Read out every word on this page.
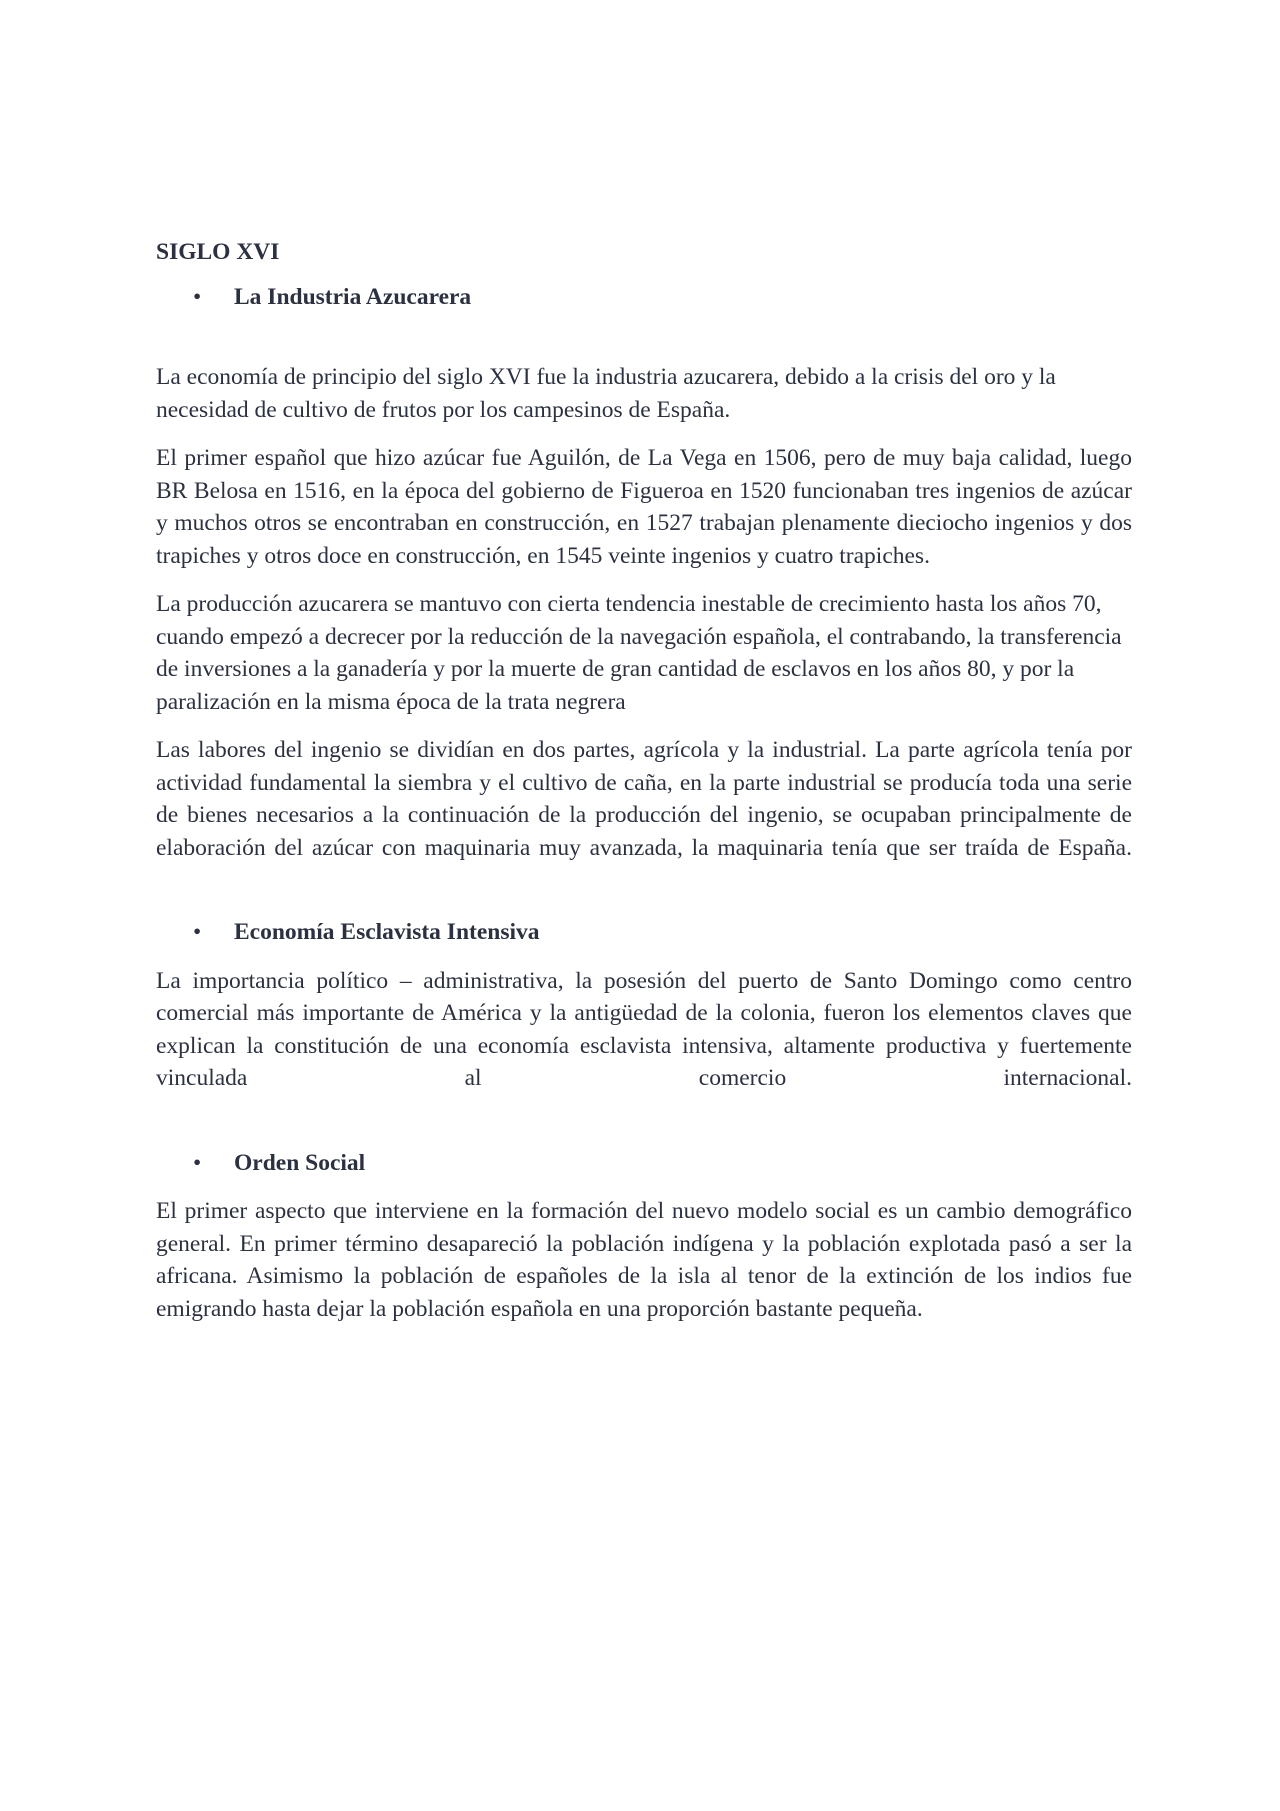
SIGLO XVI

•	La Industria Azucarera

La economía de principio del siglo XVI fue la industria azucarera, debido a la crisis del oro y la necesidad de cultivo de frutos por los campesinos de España.

El primer español que hizo azúcar fue Aguilón, de La Vega en 1506, pero de muy baja calidad, luego BR Belosa en 1516, en la época del gobierno de Figueroa en 1520 funcionaban tres ingenios de azúcar y muchos otros se encontraban en construcción, en 1527 trabajan plenamente dieciocho ingenios y dos trapiches y otros doce en construcción, en 1545 veinte ingenios y cuatro trapiches.

La producción azucarera se mantuvo con cierta tendencia inestable de crecimiento hasta los años 70, cuando empezó a decrecer por la reducción de la navegación española, el contrabando, la transferencia de inversiones a la ganadería y por la muerte de gran cantidad de esclavos en los años 80, y por la paralización en la misma época de la trata negrera

Las labores del ingenio se dividían en dos partes, agrícola y la industrial. La parte agrícola tenía por actividad fundamental la siembra y el cultivo de caña, en la parte industrial se producía toda una serie de bienes necesarios a la continuación de la producción del ingenio, se ocupaban principalmente de elaboración del azúcar con maquinaria muy avanzada, la maquinaria tenía que ser traída de España.

•	Economía Esclavista Intensiva

La importancia político – administrativa, la posesión del puerto de Santo Domingo como centro comercial más importante de América y la antigüedad de la colonia, fueron los elementos claves que explican la constitución de una economía esclavista intensiva, altamente productiva y fuertemente vinculada al comercio internacional.

•	Orden Social

El primer aspecto que interviene en la formación del nuevo modelo social es un cambio demográfico general. En primer término desapareció la población indígena y la población explotada pasó a ser la africana. Asimismo la población de españoles de la isla al tenor de la extinción de los indios fue emigrando hasta dejar la población española en una proporción bastante pequeña.
